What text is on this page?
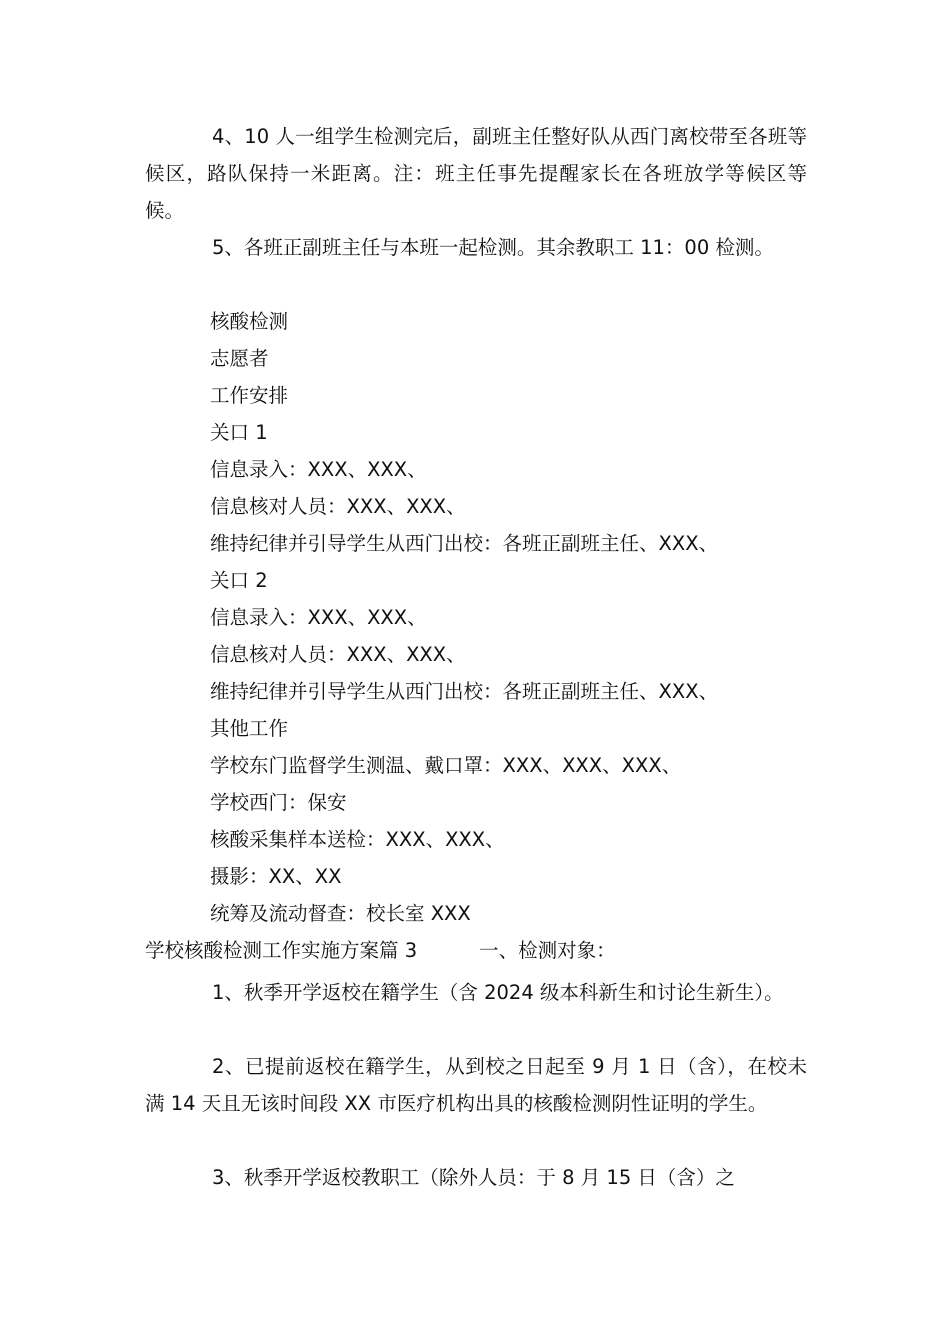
4、10 人一组学生检测完后，副班主任整好队从西门离校带至各班等候区，路队保持一米距离。注：班主任事先提醒家长在各班放学等候区等候。
5、各班正副班主任与本班一起检测。其余教职工 11：00 检测。
核酸检测
志愿者
工作安排
关口 1
信息录入：XXX、XXX、
信息核对人员：XXX、XXX、
维持纪律并引导学生从西门出校：各班正副班主任、XXX、
关口 2
信息录入：XXX、XXX、
信息核对人员：XXX、XXX、
维持纪律并引导学生从西门出校：各班正副班主任、XXX、
其他工作
学校东门监督学生测温、戴口罩：XXX、XXX、XXX、
学校西门：保安
核酸采集样本送检：XXX、XXX、
摄影：XX、XX
统筹及流动督查：校长室 XXX
学校核酸检测工作实施方案篇 3	一、检测对象：
1、秋季开学返校在籍学生（含 2024 级本科新生和讨论生新生）。
2、已提前返校在籍学生，从到校之日起至 9 月 1 日（含），在校未满 14 天且无该时间段 XX 市医疗机构出具的核酸检测阴性证明的学生。
3、秋季开学返校教职工（除外人员：于 8 月 15 日（含）之
